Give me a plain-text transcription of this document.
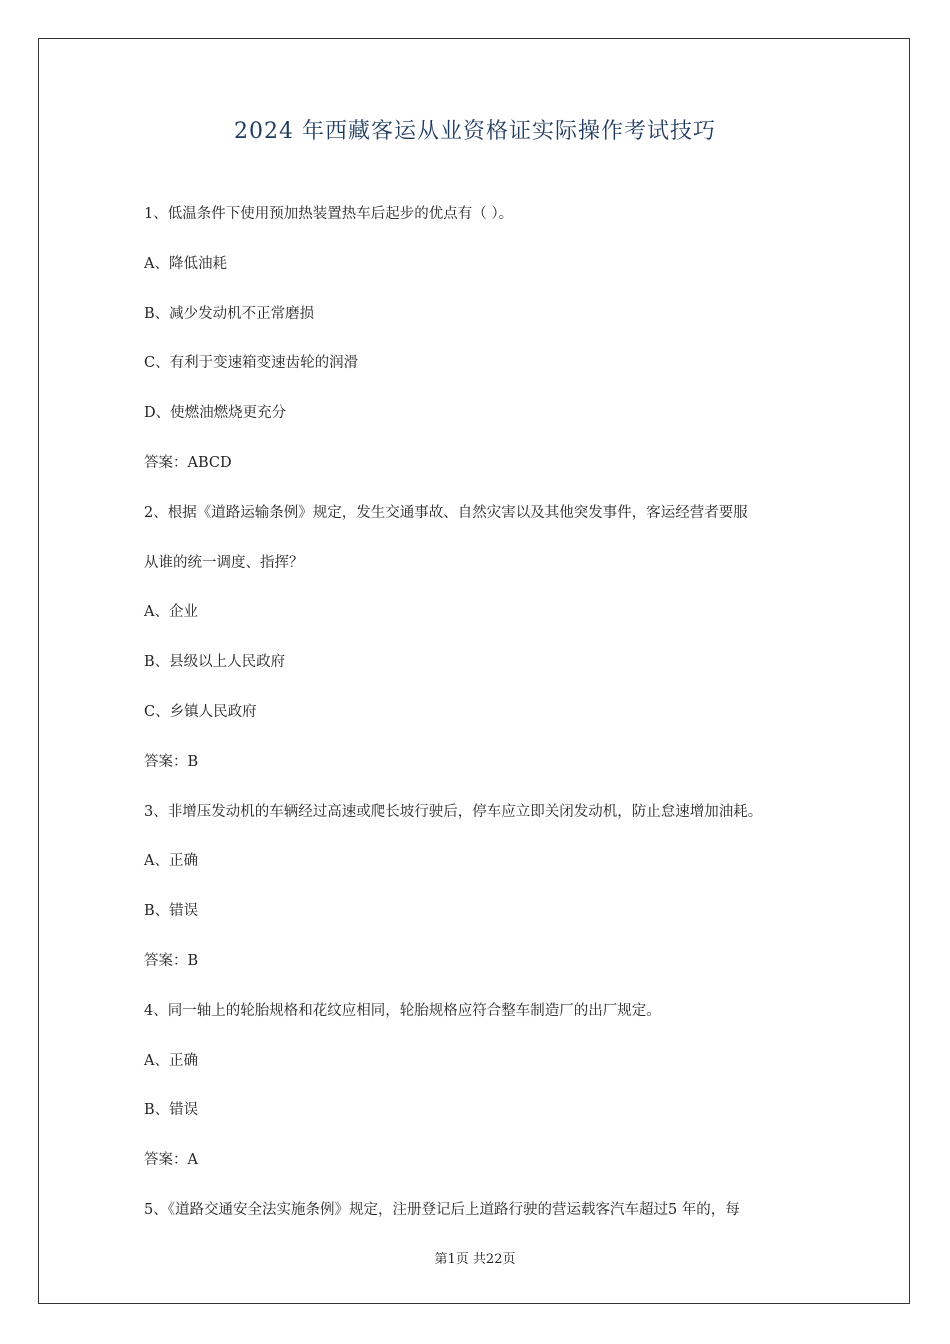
2024 年西藏客运从业资格证实际操作考试技巧
1、低温条件下使用预加热装置热车后起步的优点有（ ）。
A、降低油耗
B、减少发动机不正常磨损
C、有利于变速箱变速齿轮的润滑
D、使燃油燃烧更充分
答案：ABCD
2、根据《道路运输条例》规定，发生交通事故、自然灾害以及其他突发事件，客运经营者要服
从谁的统一调度、指挥？
A、企业
B、县级以上人民政府
C、乡镇人民政府
答案：B
3、非增压发动机的车辆经过高速或爬长坡行驶后，停车应立即关闭发动机，防止怠速增加油耗。
A、正确
B、错误
答案：B
4、同一轴上的轮胎规格和花纹应相同，轮胎规格应符合整车制造厂的出厂规定。
A、正确
B、错误
答案：A
5、《道路交通安全法实施条例》规定，注册登记后上道路行驶的营运载客汽车超过5 年的，每
第1页 共22页
